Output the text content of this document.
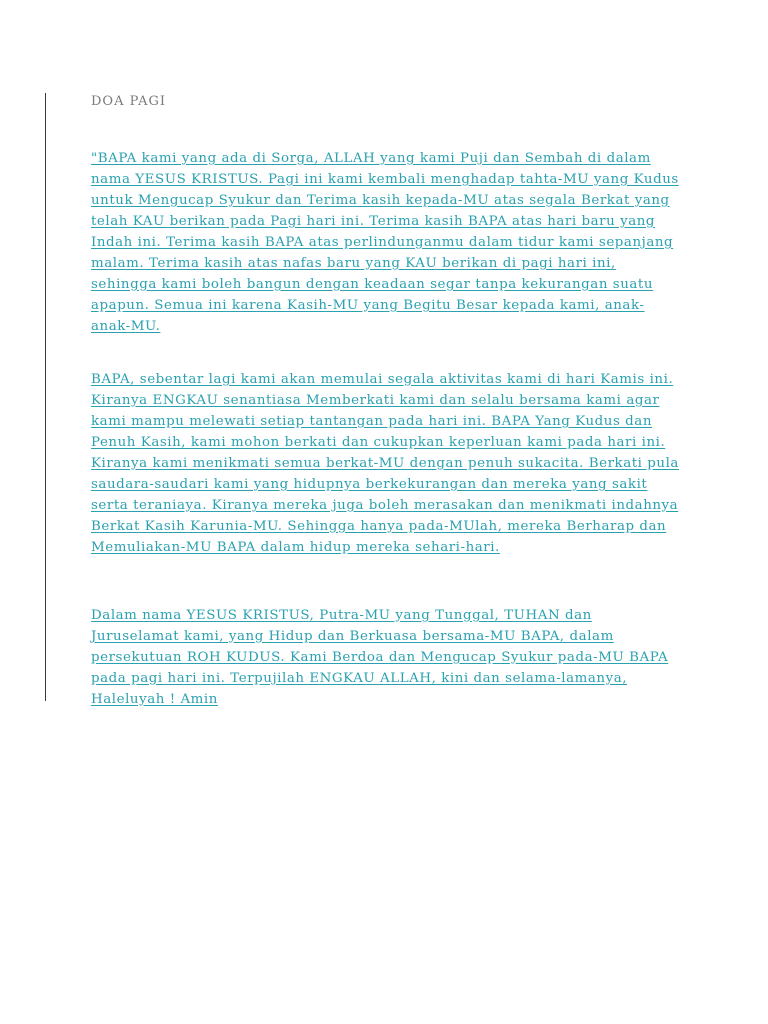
DOA PAGI

"BAPA kami yang ada di Sorga, ALLAH yang kami Puji dan Sembah di dalam nama YESUS KRISTUS. Pagi ini kami kembali menghadap tahta-MU yang Kudus untuk Mengucap Syukur dan Terima kasih kepada-MU atas segala Berkat yang telah KAU berikan pada Pagi hari ini. Terima kasih BAPA atas hari baru yang Indah ini. Terima kasih BAPA atas perlindunganmu dalam tidur kami sepanjang malam. Terima kasih atas nafas baru yang KAU berikan di pagi hari ini, sehingga kami boleh bangun dengan keadaan segar tanpa kekurangan suatu apapun. Semua ini karena Kasih-MU yang Begitu Besar kepada kami, anak-anak-MU.

BAPA, sebentar lagi kami akan memulai segala aktivitas kami di hari Kamis ini. Kiranya ENGKAU senantiasa Memberkati kami dan selalu bersama kami agar kami mampu melewati setiap tantangan pada hari ini. BAPA Yang Kudus dan Penuh Kasih, kami mohon berkati dan cukupkan keperluan kami pada hari ini. Kiranya kami menikmati semua berkat-MU dengan penuh sukacita. Berkati pula saudara-saudari kami yang hidupnya berkekurangan dan mereka yang sakit serta teraniaya. Kiranya mereka juga boleh merasakan dan menikmati indahnya Berkat Kasih Karunia-MU. Sehingga hanya pada-MUlah, mereka Berharap dan Memuliakan-MU BAPA dalam hidup mereka sehari-hari.

Dalam nama YESUS KRISTUS, Putra-MU yang Tunggal, TUHAN dan Juruselamat kami, yang Hidup dan Berkuasa bersama-MU BAPA, dalam persekutuan ROH KUDUS. Kami Berdoa dan Mengucap Syukur pada-MU BAPA pada pagi hari ini. Terpujilah ENGKAU ALLAH, kini dan selama-lamanya, Haleluyah ! Amin
